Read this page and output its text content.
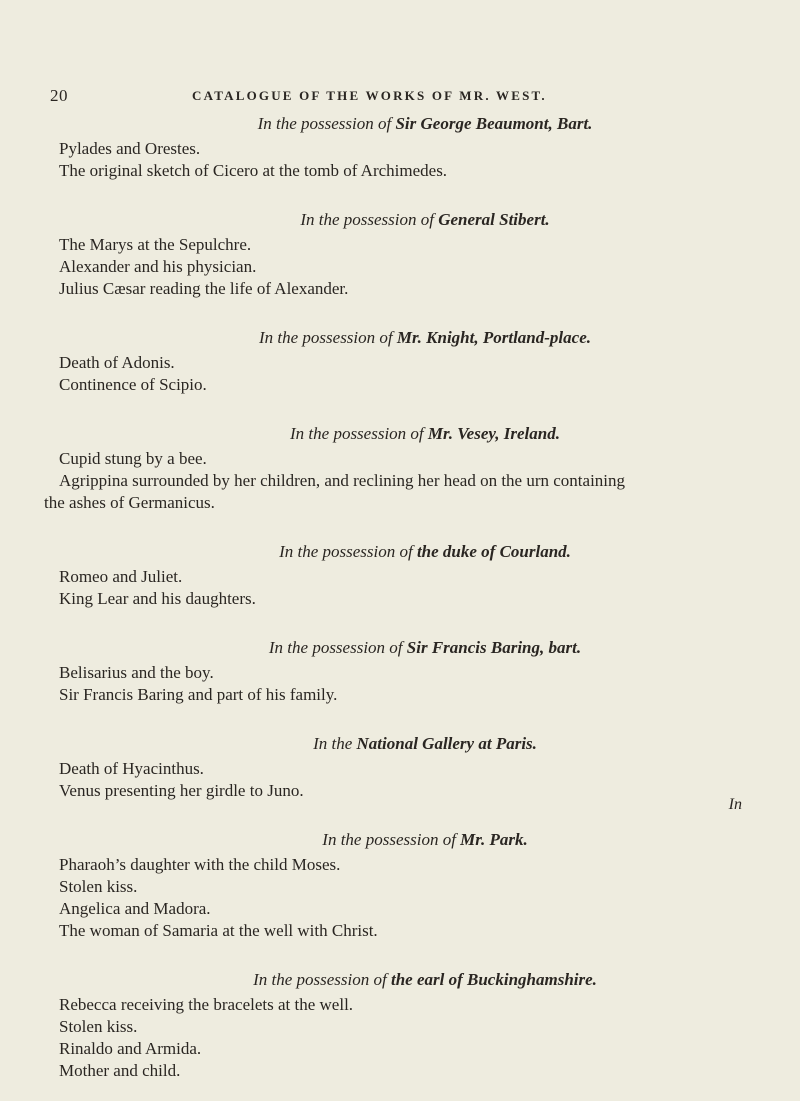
20	CATALOGUE OF THE WORKS OF MR. WEST.

In the possession of Sir George Beaumont, Bart.

Pylades and Orestes.

The original sketch of Cicero at the tomb of Archimedes.

In the possession of General Stibert.

The Marys at the Sepulchre.

Alexander and his physician.

Julius Cæsar reading the life of Alexander.

In the possession of Mr. Knight, Portland-place.

Death of Adonis.

Continence of Scipio.

In the possession of Mr. Vesey, Ireland.

Cupid stung by a bee.

Agrippina surrounded by her children, and reclining her head on the urn containing

the ashes of Germanicus.

In the possession of the duke of Courland.

Romeo and Juliet.

King Lear and his daughters.

In the possession of Sir Francis Baring, bart.

Belisarius and the boy.

Sir Francis Baring and part of his family.

In the National Gallery at Paris.

Death of Hyacinthus.

Venus presenting her girdle to Juno.

In the possession of Mr. Park.

Pharaoh’s daughter with the child Moses.

Stolen kiss.

Angelica and Madora.

The woman of Samaria at the well with Christ.

In the possession of the earl of Buckinghamshire.

Rebecca receiving the bracelets at the well.

Stolen kiss.

Rinaldo and Armida.

Mother and child.

In
